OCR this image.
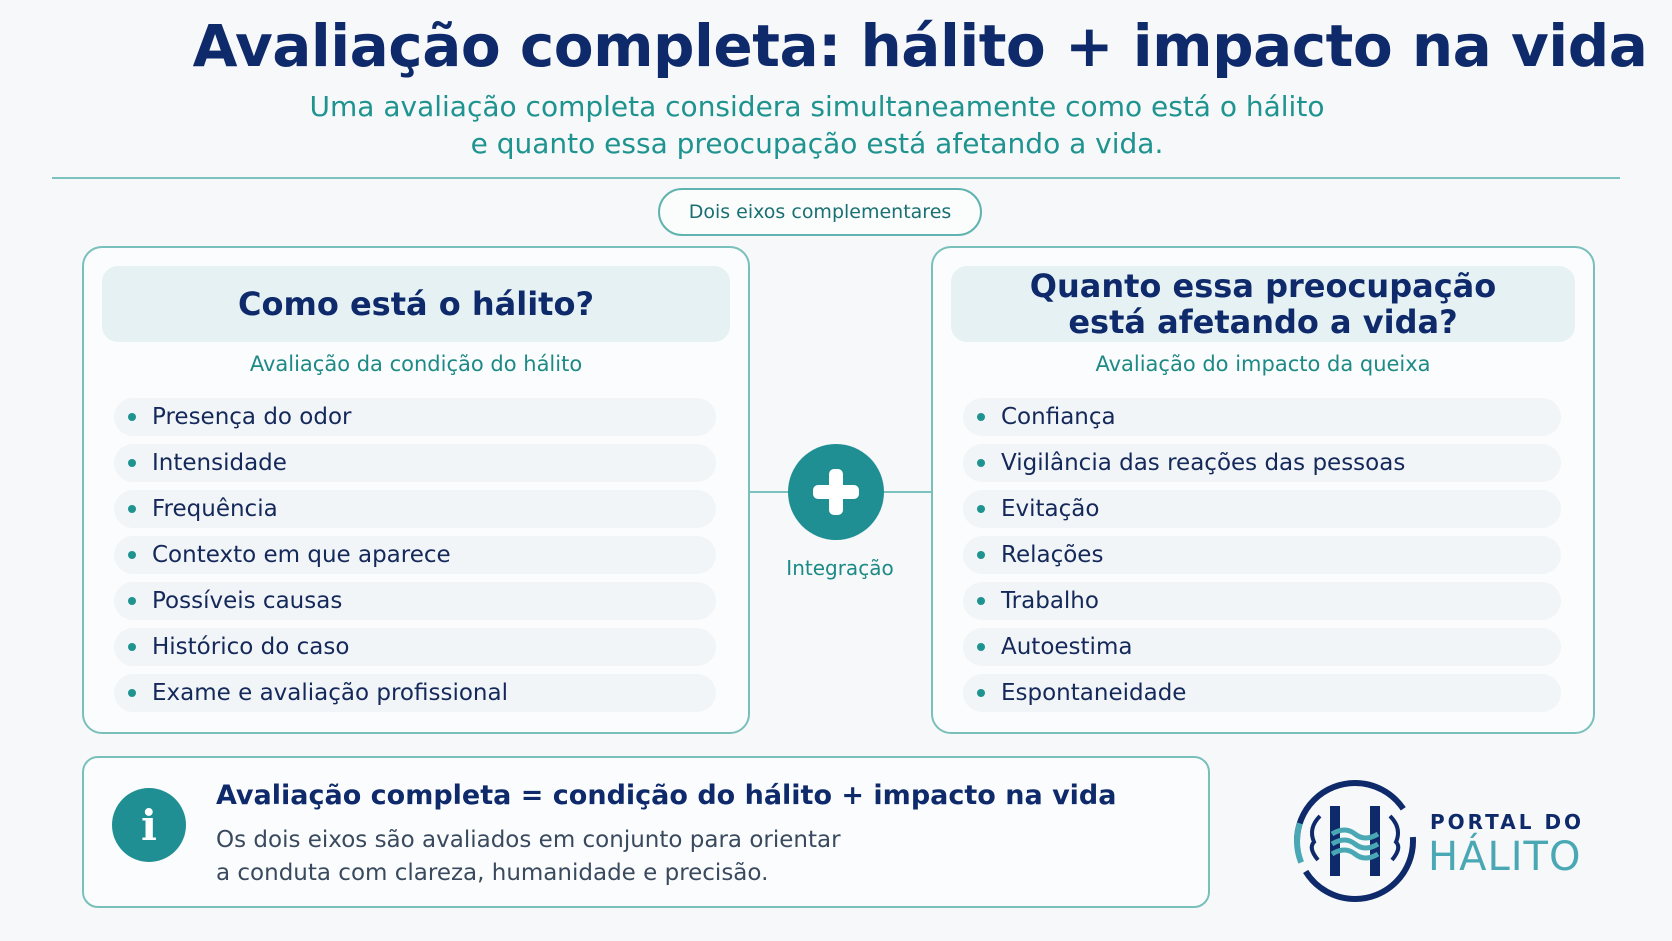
Avaliação completa: hálito + impacto na vida
Uma avaliação completa considera simultaneamente como está o hálito
e quanto essa preocupação está afetando a vida.
Dois eixos complementares
Como está o hálito?
Avaliação da condição do hálito
Presença do odor
Intensidade
Frequência
Contexto em que aparece
Possíveis causas
Histórico do caso
Exame e avaliação profissional
Integração
Quanto essa preocupação
está afetando a vida?
Avaliação do impacto da queixa
Confiança
Vigilância das reações das pessoas
Evitação
Relações
Trabalho
Autoestima
Espontaneidade
i
Avaliação completa = condição do hálito + impacto na vida
Os dois eixos são avaliados em conjunto para orientar
a conduta com clareza, humanidade e precisão.
PORTAL DO
HÁLITO
